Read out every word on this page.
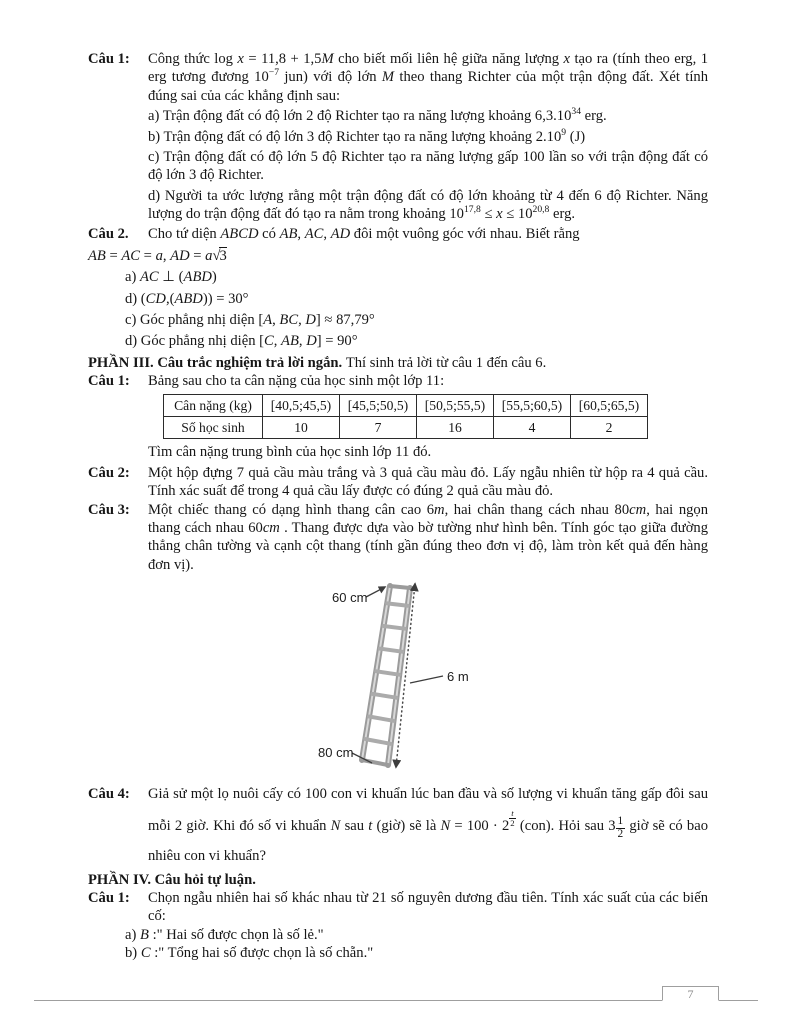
Câu 1: Công thức log x = 11,8 + 1,5M cho biết mối liên hệ giữa năng lượng x tạo ra (tính theo erg, 1 erg tương đương $10^{-7}$ jun) với độ lớn M theo thang Richter của một trận động đất. Xét tính đúng sai của các khẳng định sau:
a) Trận động đất có độ lớn 2 độ Richter tạo ra năng lượng khoảng 6,3.10$^{34}$ erg.
b) Trận động đất có độ lớn 3 độ Richter tạo ra năng lượng khoảng 2.10$^9$ (J)
c) Trận động đất có độ lớn 5 độ Richter tạo ra năng lượng gấp 100 lần so với trận động đất có độ lớn 3 độ Richter.
d) Người ta ước lượng rằng một trận động đất có độ lớn khoảng từ 4 đến 6 độ Richter. Năng lượng do trận động đất đó tạo ra nằm trong khoảng $10^{17,8} \le x \le 10^{20,8}$ erg.
Câu 2. Cho tứ diện ABCD có AB, AC, AD đôi một vuông góc với nhau. Biết rằng
AB = AC = a, AD = a√3
a) AC ⊥ (ABD)
d) (CD,(ABD)) = 30°
c) Góc phẳng nhị diện [A, BC, D] ≈ 87,79°
d) Góc phẳng nhị diện [C, AB, D] = 90°
PHẦN III. Câu trắc nghiệm trả lời ngắn. Thí sinh trả lời từ câu 1 đến câu 6.
Câu 1: Bảng sau cho ta cân nặng của học sinh một lớp 11:
Cân nặng (kg)	[40,5;45,5)	[45,5;50,5)	[50,5;55,5)	[55,5;60,5)	[60,5;65,5)
Số học sinh	10	7	16	4	2
Tìm cân nặng trung bình của học sinh lớp 11 đó.
Câu 2: Một hộp đựng 7 quả cầu màu trắng và 3 quả cầu màu đỏ. Lấy ngẫu nhiên từ hộp ra 4 quả cầu. Tính xác suất để trong 4 quả cầu lấy được có đúng 2 quả cầu màu đỏ.
Câu 3: Một chiếc thang có dạng hình thang cân cao 6m, hai chân thang cách nhau 80cm, hai ngọn thang cách nhau 60cm . Thang được dựa vào bờ tường như hình bên. Tính góc tạo giữa đường thẳng chân tường và cạnh cột thang (tính gần đúng theo đơn vị độ, làm tròn kết quả đến hàng đơn vị).
60 cm
6 m
80 cm
Câu 4: Giả sử một lọ nuôi cấy có 100 con vi khuẩn lúc ban đầu và số lượng vi khuẩn tăng gấp đôi sau mỗi 2 giờ. Khi đó số vi khuẩn N sau t (giờ) sẽ là $N = 100 \cdot 2 \frac{t}{2} (con)$. Hỏi sau $3 \frac{1}{2}$ giờ sẽ có bao nhiêu con vi khuẩn?
PHẦN IV. Câu hỏi tự luận.
Câu 1: Chọn ngẫu nhiên hai số khác nhau từ 21 số nguyên dương đầu tiên. Tính xác suất của các biến cố:
a) B :" Hai số được chọn là số lẻ."
b) C :" Tổng hai số được chọn là số chẵn."
7
